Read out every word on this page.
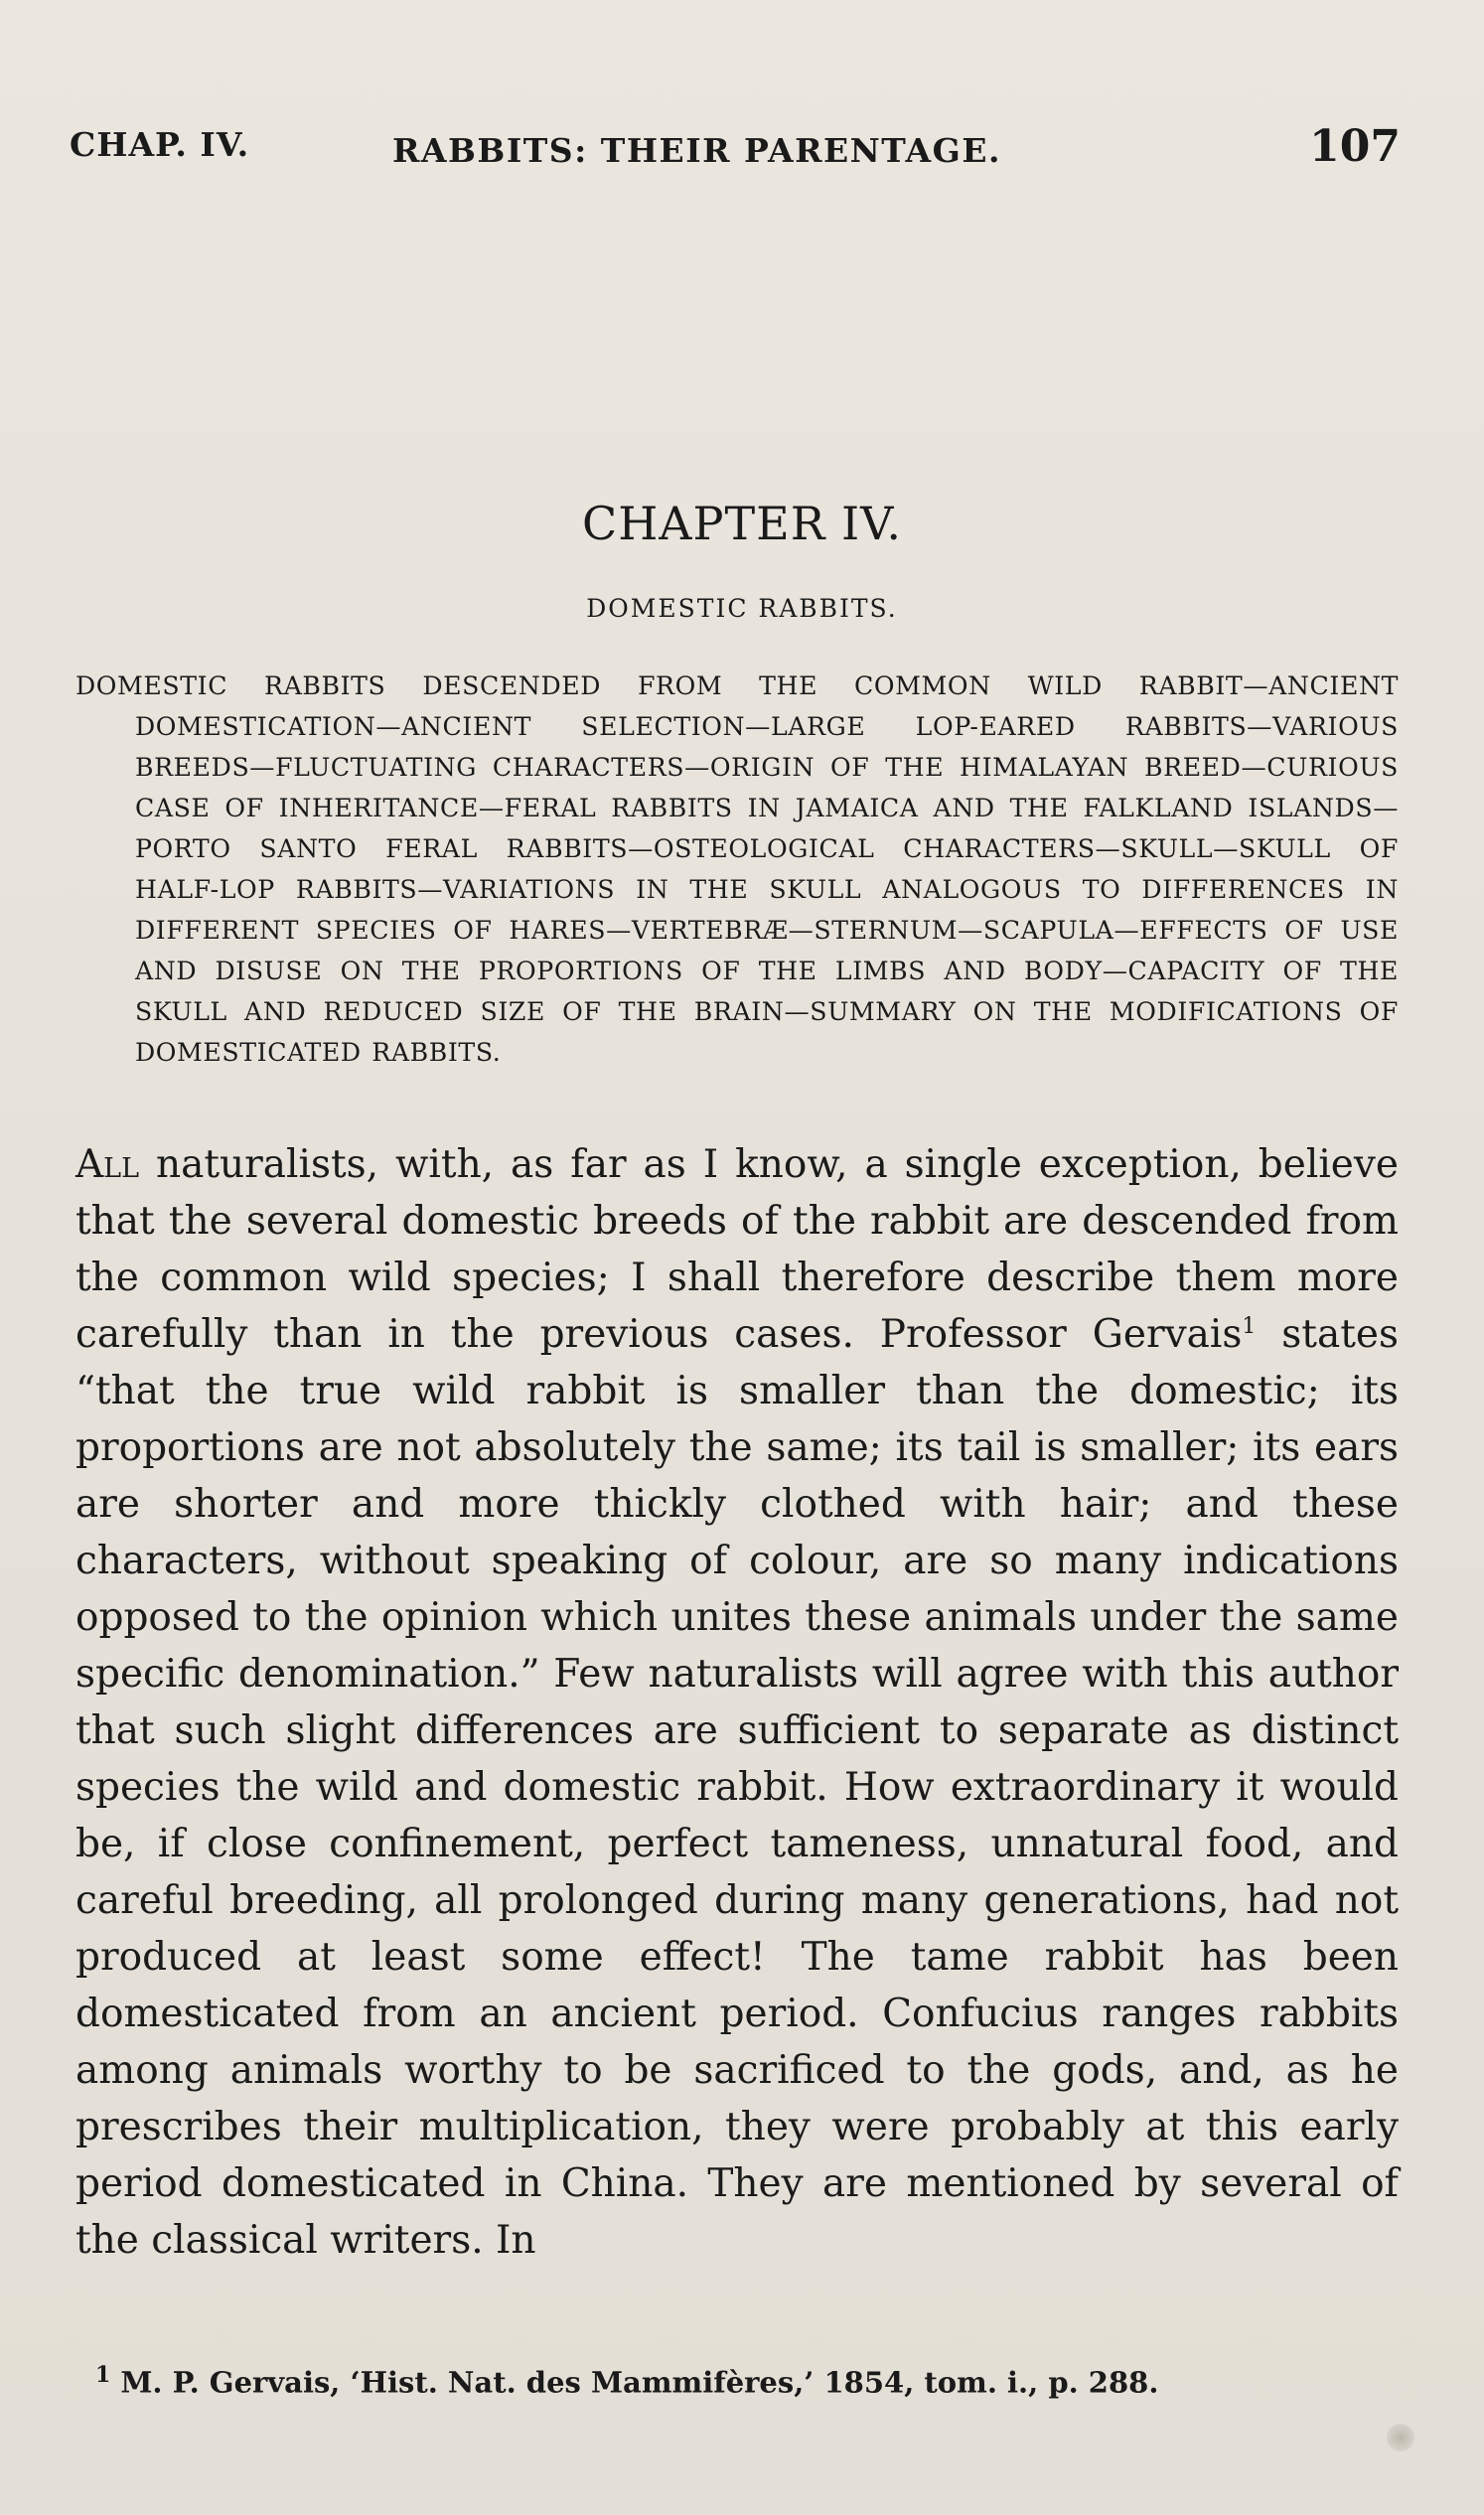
CHAP. IV.	RABBITS: THEIR PARENTAGE.	107
CHAPTER IV.
DOMESTIC RABBITS.
DOMESTIC RABBITS DESCENDED FROM THE COMMON WILD RABBIT—ANCIENT DOMESTICATION—ANCIENT SELECTION—LARGE LOP-EARED RABBITS—VARIOUS BREEDS—FLUCTUATING CHARACTERS—ORIGIN OF THE HIMALAYAN BREED—CURIOUS CASE OF INHERITANCE—FERAL RABBITS IN JAMAICA AND THE FALKLAND ISLANDS—PORTO SANTO FERAL RABBITS—OSTEOLOGICAL CHARACTERS—SKULL—SKULL OF HALF-LOP RABBITS—VARIATIONS IN THE SKULL ANALOGOUS TO DIFFERENCES IN DIFFERENT SPECIES OF HARES—VERTEBRÆ—STERNUM—SCAPULA—EFFECTS OF USE AND DISUSE ON THE PROPORTIONS OF THE LIMBS AND BODY—CAPACITY OF THE SKULL AND REDUCED SIZE OF THE BRAIN—SUMMARY ON THE MODIFICATIONS OF DOMESTICATED RABBITS.
All naturalists, with, as far as I know, a single exception, believe that the several domestic breeds of the rabbit are descended from the common wild species; I shall therefore describe them more carefully than in the previous cases. Professor Gervais$^1$ states “that the true wild rabbit is smaller than the domestic; its proportions are not absolutely the same; its tail is smaller; its ears are shorter and more thickly clothed with hair; and these characters, without speaking of colour, are so many indications opposed to the opinion which unites these animals under the same specific denomination.” Few naturalists will agree with this author that such slight differences are sufficient to separate as distinct species the wild and domestic rabbit. How extraordinary it would be, if close confinement, perfect tameness, unnatural food, and careful breeding, all prolonged during many generations, had not produced at least some effect! The tame rabbit has been domesticated from an ancient period. Confucius ranges rabbits among animals worthy to be sacrificed to the gods, and, as he prescribes their multiplication, they were probably at this early period domesticated in China. They are mentioned by several of the classical writers. In
$^1$ M. P. Gervais, ‘Hist. Nat. des Mammifères,’ 1854, tom. i., p. 288.
